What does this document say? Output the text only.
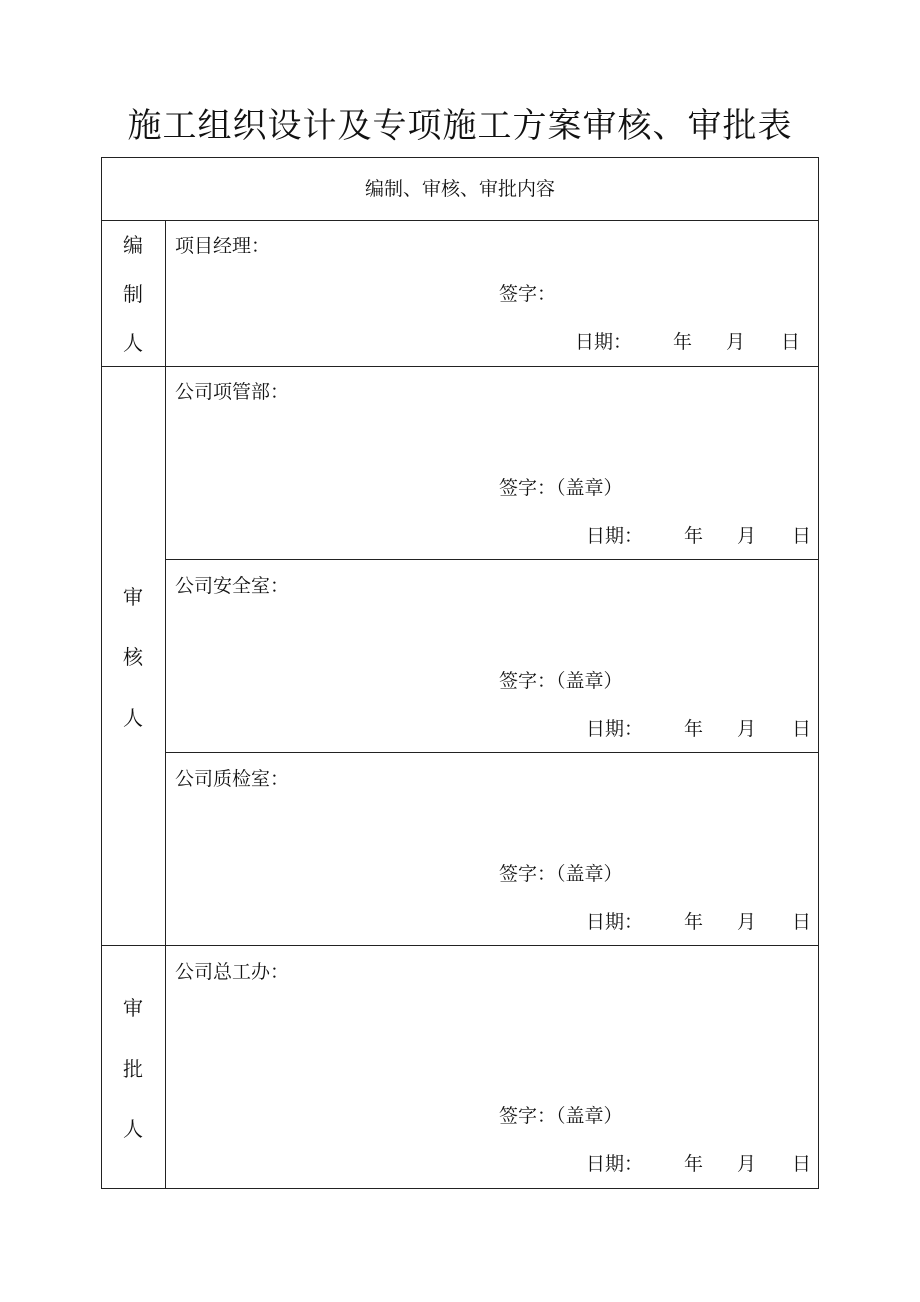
施工组织设计及专项施工方案审核、审批表
编制、审核、审批内容
编
制
人
项目经理：
签字：
日期： 年 月 日
审
核
人
公司项管部：
签字：（盖章）
日期： 年 月 日
公司安全室：
签字：（盖章）
日期： 年 月 日
公司质检室：
签字：（盖章）
日期： 年 月 日
审
批
人
公司总工办：
签字：（盖章）
日期： 年 月 日
